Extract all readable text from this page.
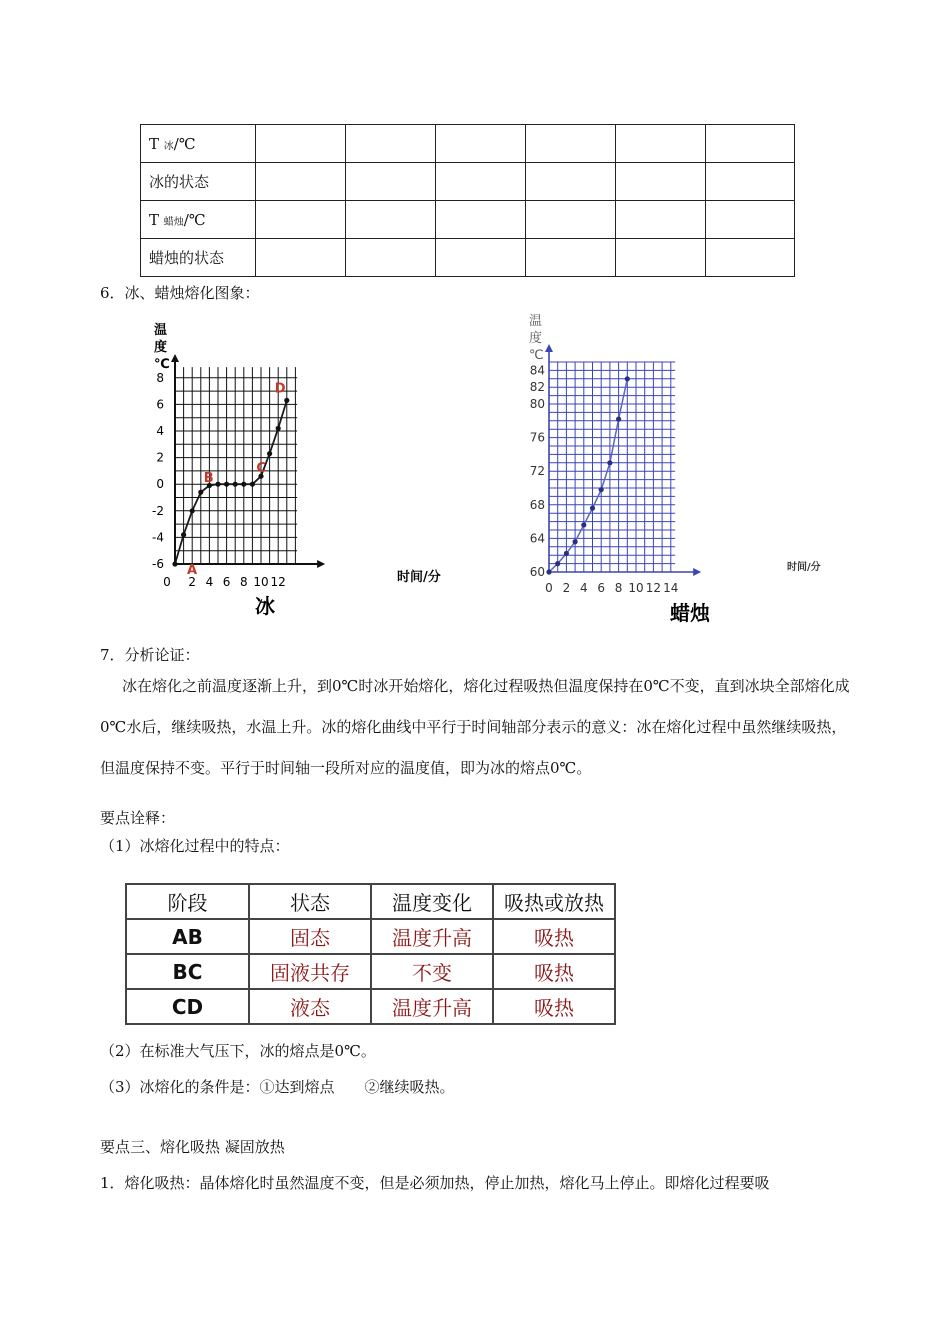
T 冰/℃						
冰的状态						
T 蜡烛/℃						
蜡烛的状态						
6．冰、蜡烛熔化图象：
温
度
℃
时间/分
8
6
4
2
0
-2
-4
-6
0 2 4 6 8 10 12
A
B
C
D
冰
温
度
℃
时间/分
84
82
80
76
72
68
64
60
0 2 4 6 8 10 12 14
蜡烛
7．分析论证：
冰在熔化之前温度逐渐上升，到0℃时冰开始熔化，熔化过程吸热但温度保持在0℃不变，直到冰块全部熔化成0℃水后，继续吸热，水温上升。冰的熔化曲线中平行于时间轴部分表示的意义：冰在熔化过程中虽然继续吸热，但温度保持不变。平行于时间轴一段所对应的温度值，即为冰的熔点0℃。
要点诠释：
（1）冰熔化过程中的特点：
阶段	状态	温度变化	吸热或放热
AB	固态	温度升高	吸热
BC	固液共存	不变	吸热
CD	液态	温度升高	吸热
（2）在标准大气压下，冰的熔点是0℃。
（3）冰熔化的条件是：①达到熔点　　②继续吸热。
要点三、熔化吸热 凝固放热
1．熔化吸热：晶体熔化时虽然温度不变，但是必须加热，停止加热，熔化马上停止。即熔化过程要吸
